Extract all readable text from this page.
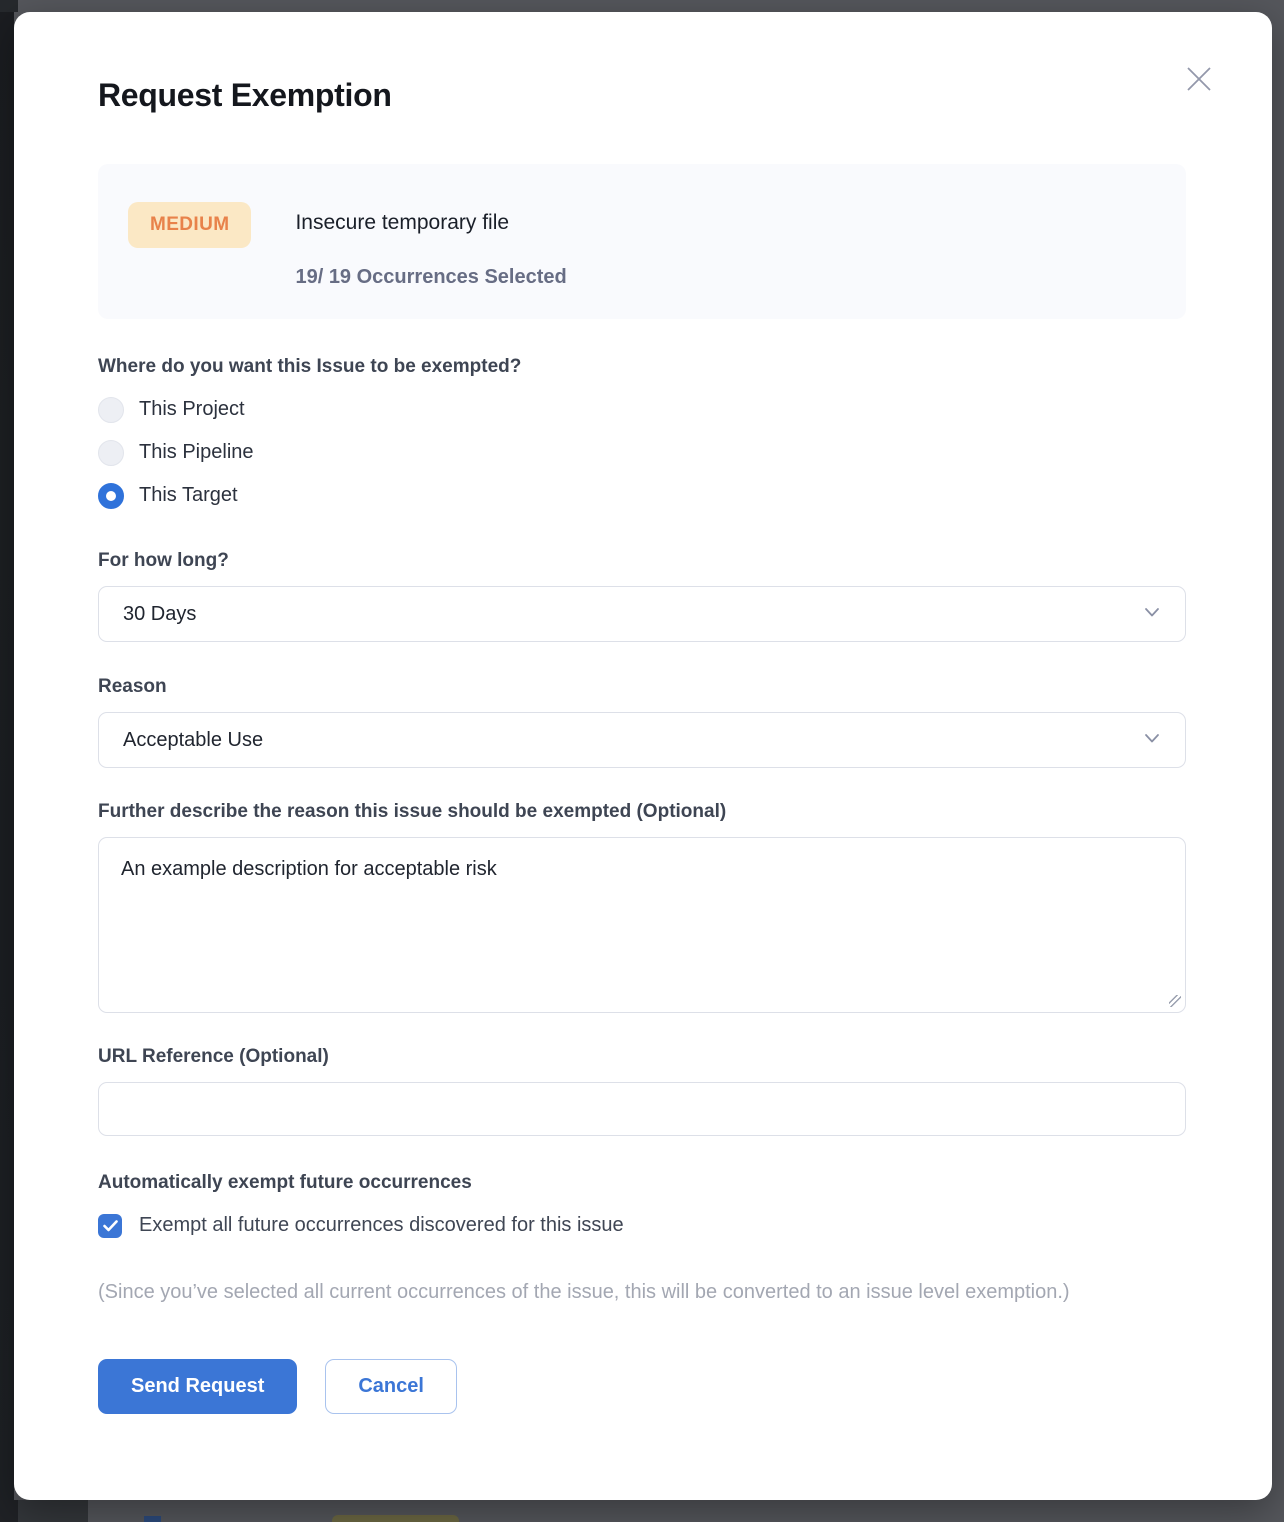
Request Exemption
MEDIUM	Insecure temporary file
19/ 19 Occurrences Selected
Where do you want this Issue to be exempted?
This Project
This Pipeline
This Target
For how long?
30 Days
Reason
Acceptable Use
Further describe the reason this issue should be exempted (Optional)
An example description for acceptable risk
URL Reference (Optional)
Automatically exempt future occurrences
Exempt all future occurrences discovered for this issue
(Since you’ve selected all current occurrences of the issue, this will be converted to an issue level exemption.)
Send Request	Cancel
